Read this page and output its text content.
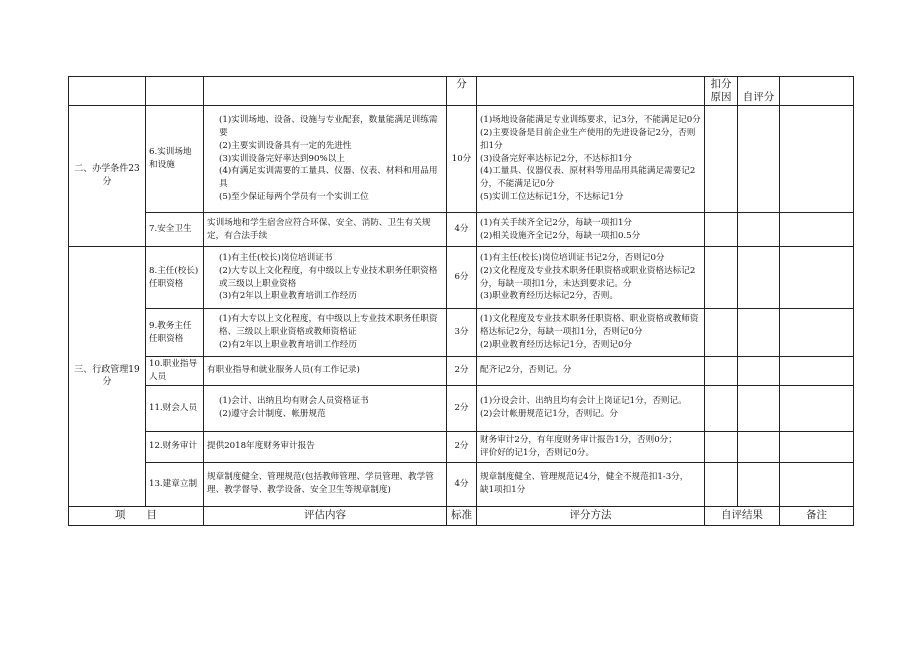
			分		扣分原因	自评分	
二、办学条件23分	6.实训场地和设施	(1)实训场地、设备、设施与专业配套，数量能满足训练需要
(2)主要实训设备具有一定的先进性
(3)实训设备完好率达到90%以上
(4)有满足实训需要的工量具、仪器、仪表、材料和用品用具
(5)至少保证每两个学员有一个实训工位	10分	(1)场地设备能满足专业训练要求，记3分，不能满足记0分
(2)主要设备是目前企业生产使用的先进设备记2分，否则扣1分
(3)设备完好率达标记2分，不达标扣1分
(4)工量具、仪器仪表、原材料等用品用具能满足需要记2分，不能满足记0分
(5)实训工位达标记1分，不达标记1分			

	7.安全卫生	实训场地和学生宿舍应符合环保、安全、消防、卫生有关规定，有合法手续	4分	(1)有关手续齐全记2分，每缺一项扣1分
(2)相关设施齐全记2分，每缺一项扣0.5分			

三、行政管理19分	8.主任(校长)任职资格	(1)有主任(校长)岗位培训证书
(2)大专以上文化程度，有中级以上专业技术职务任职资格或三级以上职业资格
(3)有2年以上职业教育培训工作经历	6分	(1)有主任(校长)岗位培训证书记2分，否则记0分
(2)文化程度及专业技术职务任职资格或职业资格达标记2分，每缺一项扣1分，未达到要求记。分
(3)职业教育经历达标记2分，否则。			

	9.教务主任任职资格	(1)有大专以上文化程度，有中级以上专业技术职务任职资格、三级以上职业资格或教师资格证
(2)有2年以上职业教育培训工作经历	3分	(1)文化程度及专业技术职务任职资格、职业资格或教师资格达标记2分，每缺一项扣1分，否则记0分
(2)职业教育经历达标记1分，否则记0分			

	10.职业指导人员	有职业指导和就业服务人员(有工作记录)	2分	配齐记2分，否则记。分			

	11.财会人员	(1)会计、出纳且均有财会人员资格证书
(2)遵守会计制度、帐册规范	2分	(1)分设会计、出纳且均有会计上岗证记1分，否则记。
(2)会计帐册规范记1分，否则记。分			

	12.财务审计	提供2018年度财务审计报告	2分	财务审计2分，有年度财务审计报告1分，否则0分；
评价好的记1分，否则记0分。			

	13.建章立制	规章制度健全、管理规范(包括教师管理、学员管理、教学管理、教学督导、教学设备、安全卫生等规章制度)	4分	规章制度健全、管理规范记4分，健全不规范扣1-3分，
缺1项扣1分			

项　　目		评估内容	标准	评分方法	自评结果		备注
